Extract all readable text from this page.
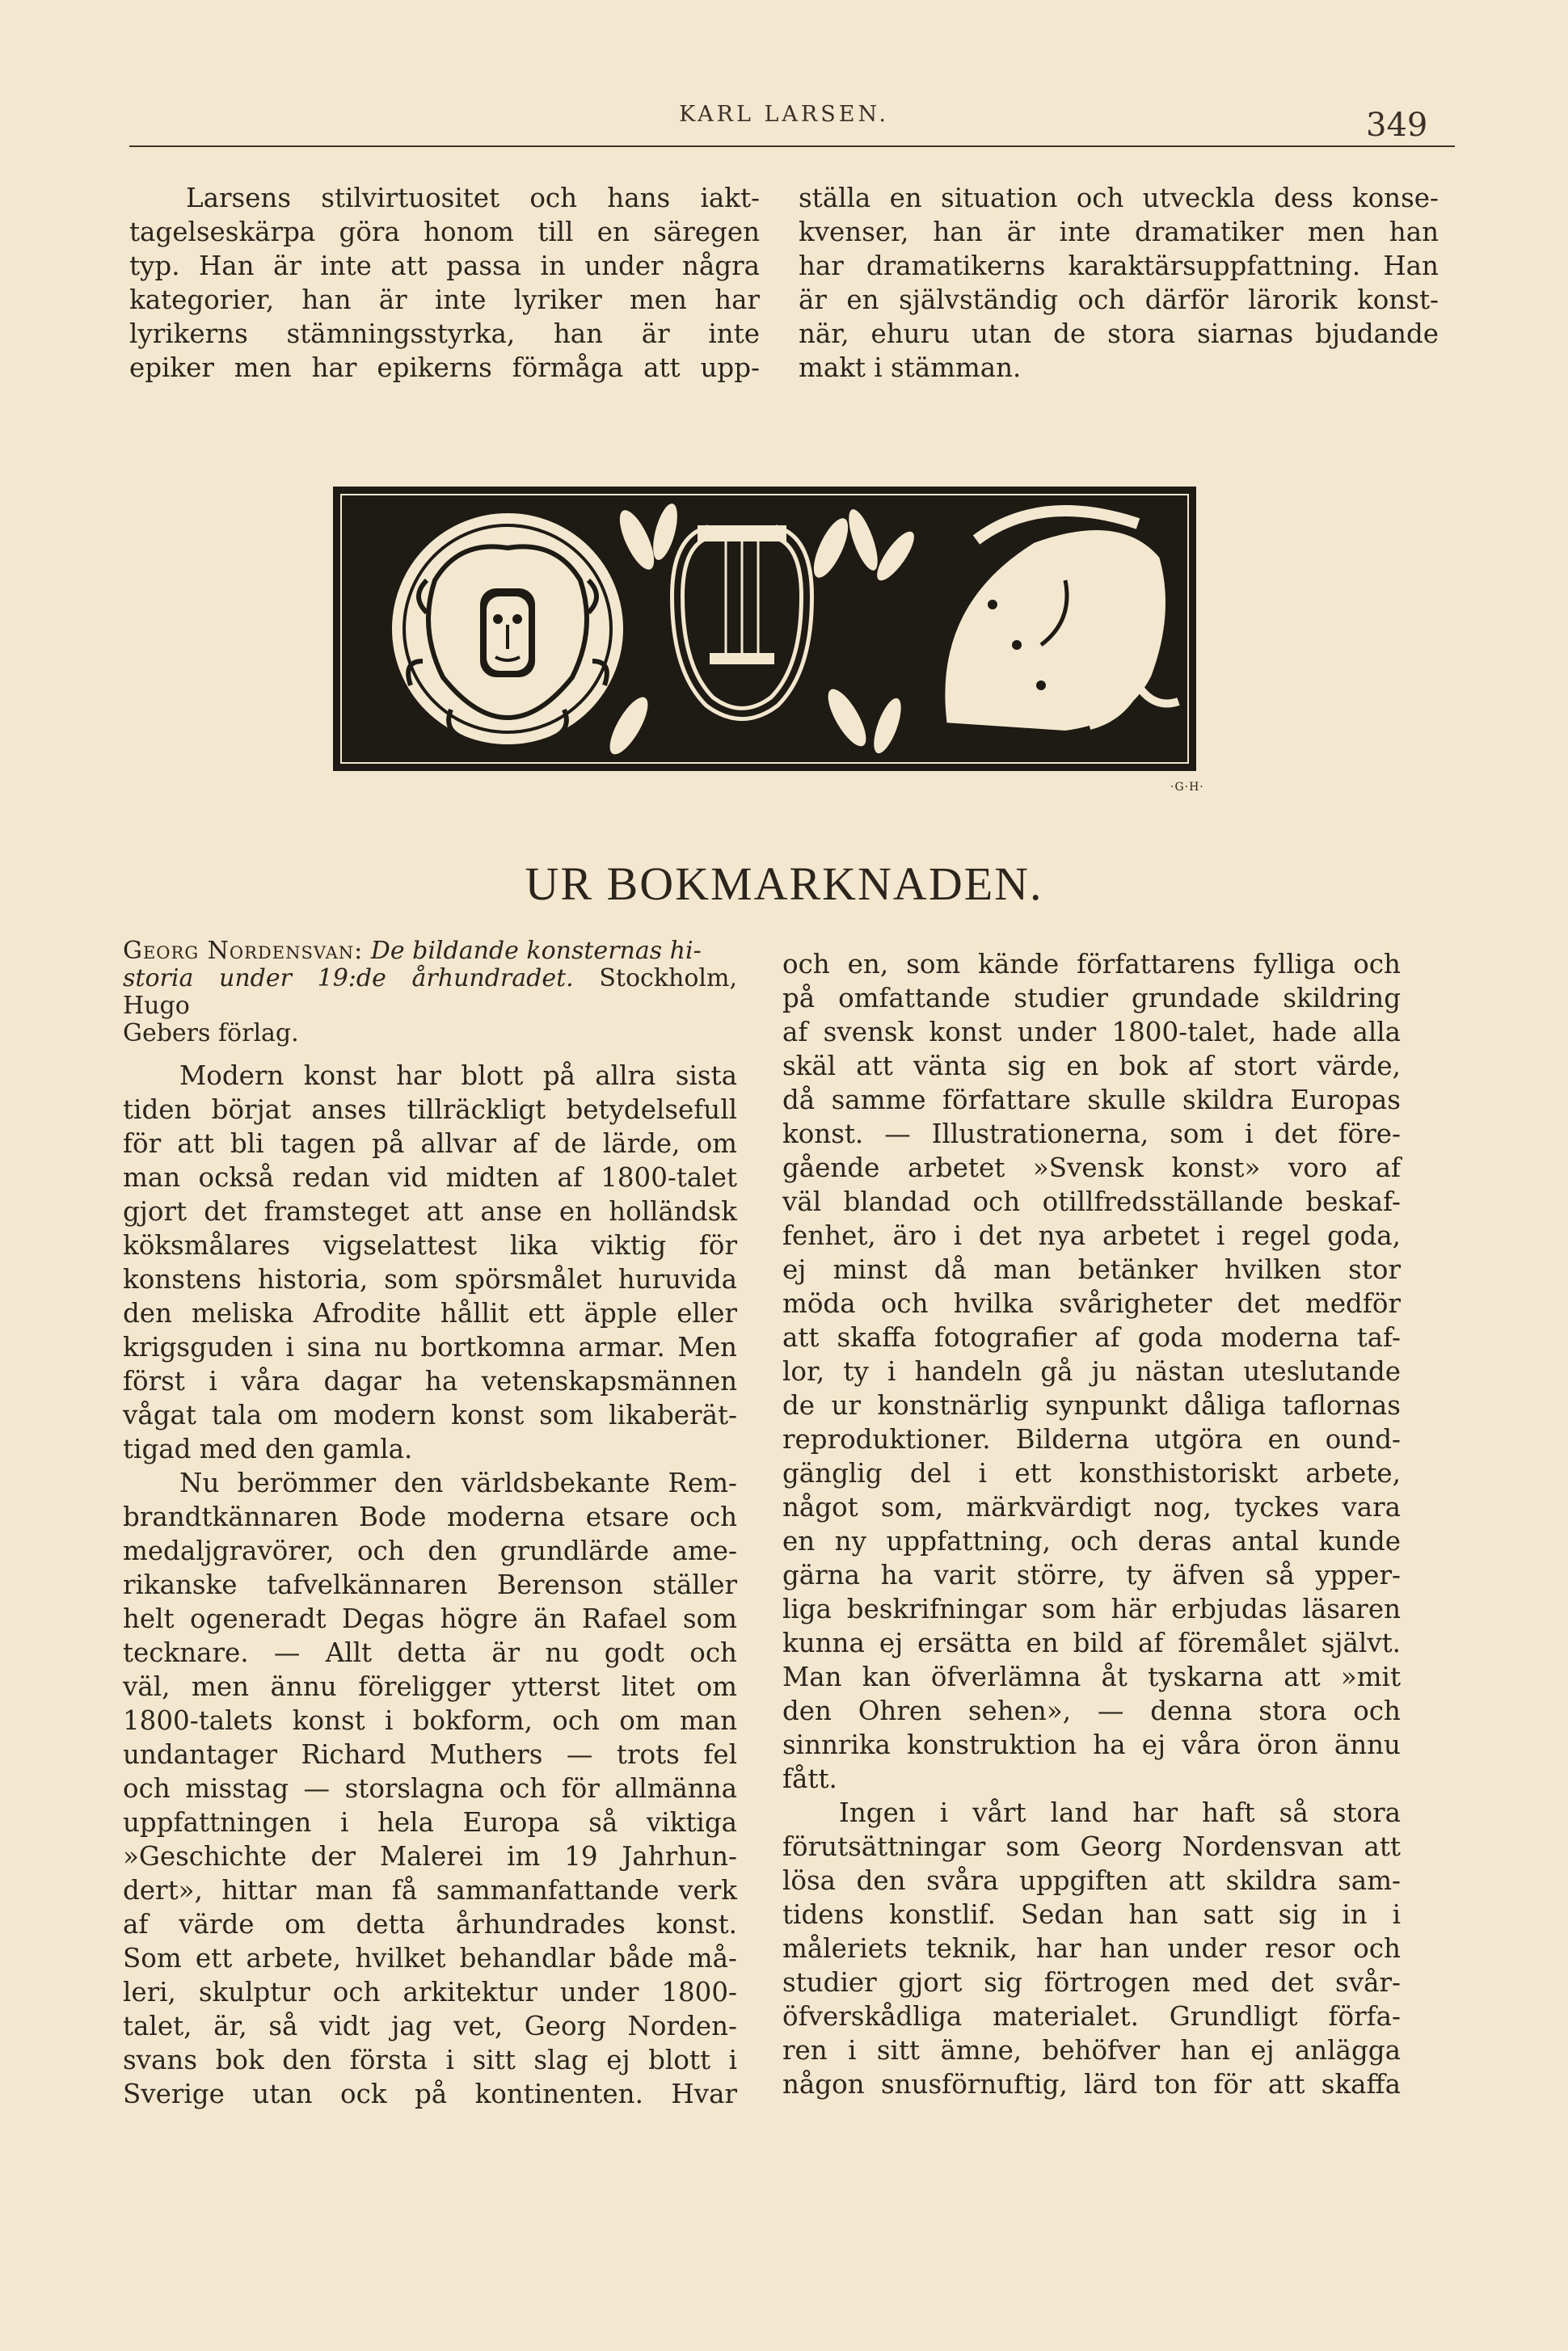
KARL LARSEN.	349
Larsens stilvirtuositet och hans iakt-
tagelseskärpa göra honom till en säregen
typ. Han är inte att passa in under några
kategorier, han är inte lyriker men har
lyrikerns stämningsstyrka, han är inte
epiker men har epikerns förmåga att upp-
ställa en situation och utveckla dess konse-
kvenser, han är inte dramatiker men han
har dramatikerns karaktärsuppfattning. Han
är en självständig och därför lärorik konst-
när, ehuru utan de stora siarnas bjudande
makt i stämman.
·G·H·
UR BOKMARKNADEN.
Georg Nordensvan: De bildande konsternas hi-
storia under 19:de århundradet. Stockholm, Hugo
Gebers förlag.
Modern konst har blott på allra sista
tiden börjat anses tillräckligt betydelsefull
för att bli tagen på allvar af de lärde, om
man också redan vid midten af 1800-talet
gjort det framsteget att anse en holländsk
köksmålares vigselattest lika viktig för
konstens historia, som spörsmålet huruvida
den meliska Afrodite hållit ett äpple eller
krigsguden i sina nu bortkomna armar. Men
först i våra dagar ha vetenskapsmännen
vågat tala om modern konst som likaberät-
tigad med den gamla.
Nu berömmer den världsbekante Rem-
brandtkännaren Bode moderna etsare och
medaljgravörer, och den grundlärde ame-
rikanske tafvelkännaren Berenson ställer
helt ogeneradt Degas högre än Rafael som
tecknare. — Allt detta är nu godt och
väl, men ännu föreligger ytterst litet om
1800-talets konst i bokform, och om man
undantager Richard Muthers — trots fel
och misstag — storslagna och för allmänna
uppfattningen i hela Europa så viktiga
»Geschichte der Malerei im 19 Jahrhun-
dert», hittar man få sammanfattande verk
af värde om detta århundrades konst.
Som ett arbete, hvilket behandlar både må-
leri, skulptur och arkitektur under 1800-
talet, är, så vidt jag vet, Georg Norden-
svans bok den första i sitt slag ej blott i
Sverige utan ock på kontinenten. Hvar
och en, som kände författarens fylliga och
på omfattande studier grundade skildring
af svensk konst under 1800-talet, hade alla
skäl att vänta sig en bok af stort värde,
då samme författare skulle skildra Europas
konst. — Illustrationerna, som i det före-
gående arbetet »Svensk konst» voro af
väl blandad och otillfredsställande beskaf-
fenhet, äro i det nya arbetet i regel goda,
ej minst då man betänker hvilken stor
möda och hvilka svårigheter det medför
att skaffa fotografier af goda moderna taf-
lor, ty i handeln gå ju nästan uteslutande
de ur konstnärlig synpunkt dåliga taflornas
reproduktioner. Bilderna utgöra en ound-
gänglig del i ett konsthistoriskt arbete,
något som, märkvärdigt nog, tyckes vara
en ny uppfattning, och deras antal kunde
gärna ha varit större, ty äfven så ypper-
liga beskrifningar som här erbjudas läsaren
kunna ej ersätta en bild af föremålet självt.
Man kan öfverlämna åt tyskarna att »mit
den Ohren sehen», — denna stora och
sinnrika konstruktion ha ej våra öron ännu
fått.
Ingen i vårt land har haft så stora
förutsättningar som Georg Nordensvan att
lösa den svåra uppgiften att skildra sam-
tidens konstlif. Sedan han satt sig in i
måleriets teknik, har han under resor och
studier gjort sig förtrogen med det svår-
öfverskådliga materialet. Grundligt förfa-
ren i sitt ämne, behöfver han ej anlägga
någon snusförnuftig, lärd ton för att skaffa
